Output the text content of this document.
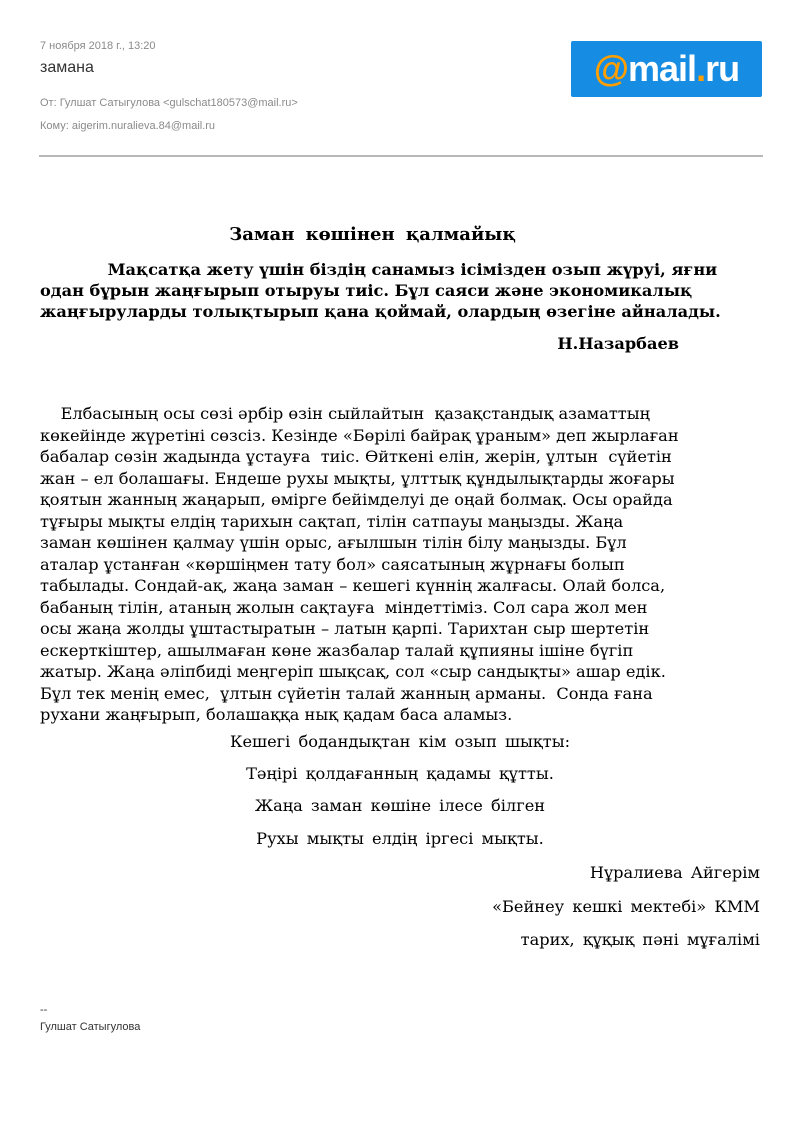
7 ноября 2018 г., 13:20
замана
От: Гулшат Сатыгулова <gulschat180573@mail.ru>
Кому: aigerim.nuralieva.84@mail.ru
@ mail . ru
Заман көшінен қалмайық
Мақсатқа жету үшін біздің санамыз ісімізден озып жүруі, яғни
одан бұрын жаңғырып отыруы тиіс. Бұл саяси және экономикалық
жаңғыруларды толықтырып қана қоймай, олардың өзегіне айналады.
Н.Назарбаев
Елбасының осы сөзі әрбір өзін сыйлайтын  қазақстандық азаматтың
көкейінде жүретіні сөзсіз. Кезінде «Бөрілі байрақ ұраным» деп жырлаған
бабалар сөзін жадында ұстауға  тиіс. Өйткені елін, жерін, ұлтын  сүйетін
жан – ел болашағы. Ендеше рухы мықты, ұлттық құндылықтарды жоғары
қоятын жанның жаңарып, өмірге бейімделуі де оңай болмақ. Осы орайда
тұғыры мықты елдің тарихын сақтап, тілін сатпауы маңызды. Жаңа
заман көшінен қалмау үшін орыс, ағылшын тілін білу маңызды. Бұл
аталар ұстанған «көршіңмен тату бол» саясатының жұрнағы болып
табылады. Сондай-ақ, жаңа заман – кешегі күннің жалғасы. Олай болса,
бабаның тілін, атаның жолын сақтауға  міндеттіміз. Сол сара жол мен
осы жаңа жолды ұштастыратын – латын қарпі. Тарихтан сыр шертетін
ескерткіштер, ашылмаған көне жазбалар талай құпияны ішіне бүгіп
жатыр. Жаңа әліпбиді меңгеріп шықсақ, сол «сыр сандықты» ашар едік.
Бұл тек менің емес,  ұлтын сүйетін талай жанның арманы.  Сонда ғана
рухани жаңғырып, болашаққа нық қадам баса аламыз.
Кешегі бодандықтан кім озып шықты:
Тәңірі қолдағанның қадамы құтты.
Жаңа заман көшіне ілесе білген
Рухы мықты елдің іргесі мықты.
Нұралиева Айгерім
«Бейнеу кешкі мектебі» КММ
тарих, құқық пәні мұғалімі
--
Гулшат Сатыгулова
